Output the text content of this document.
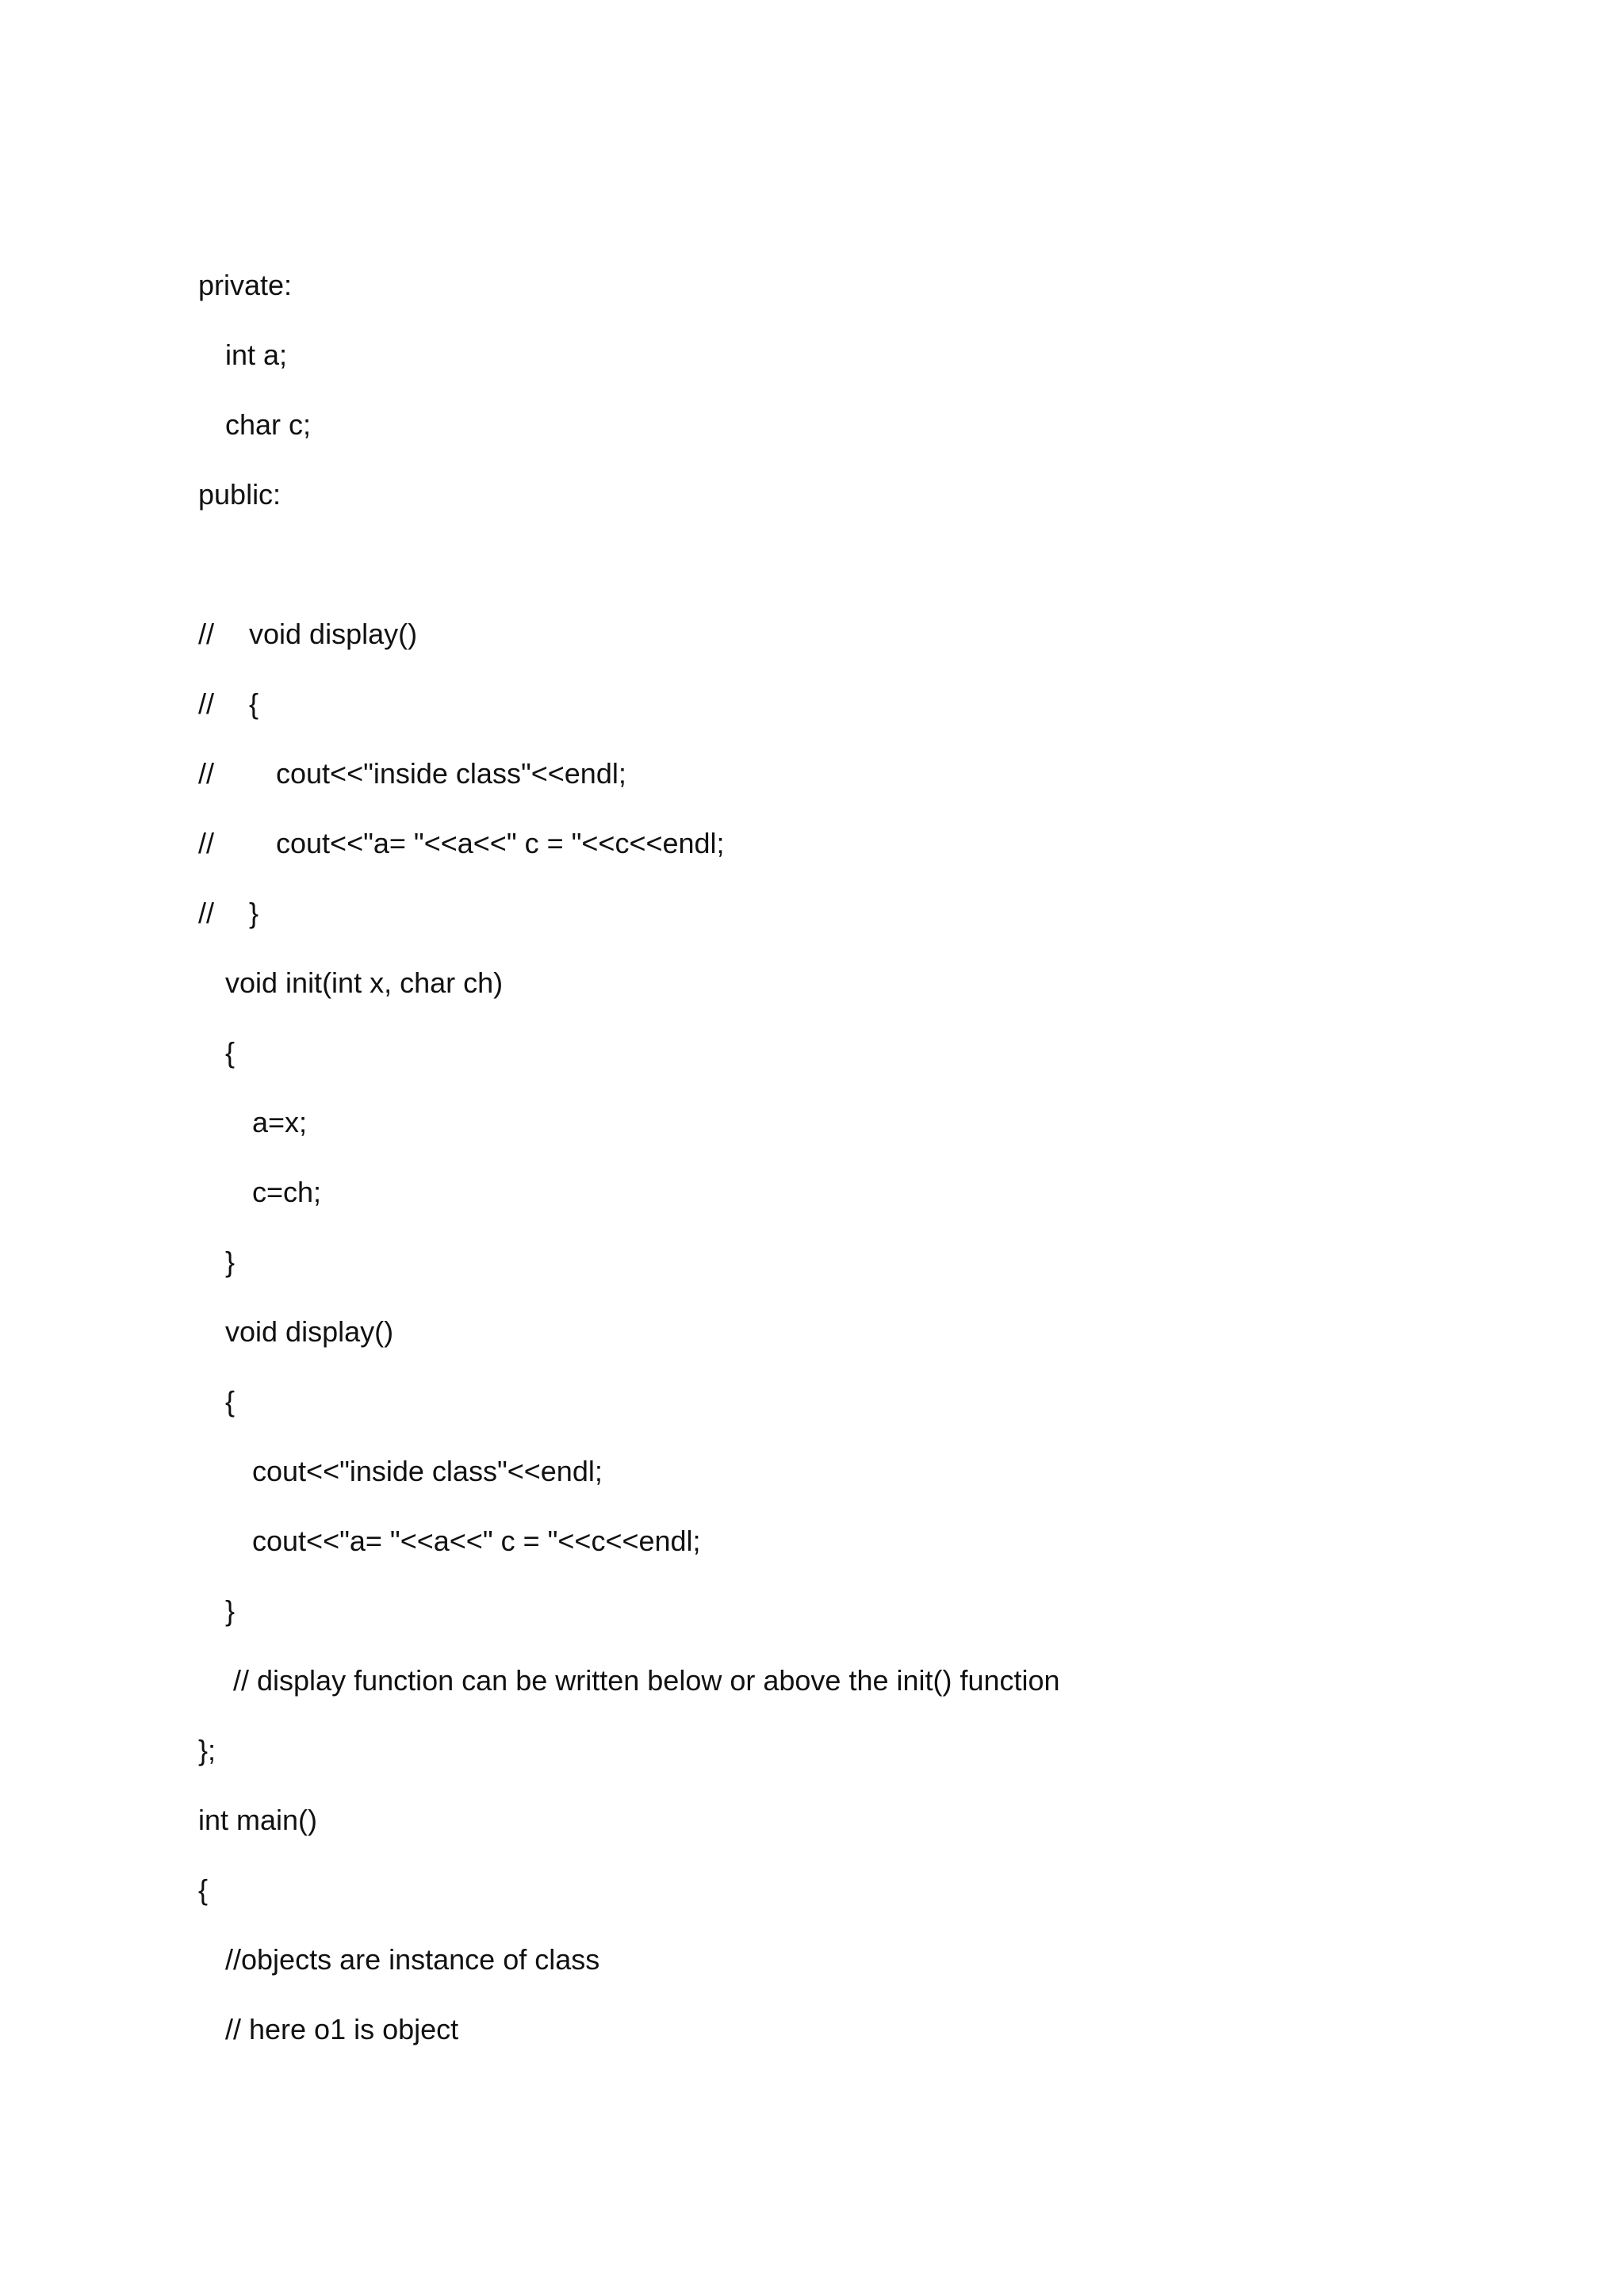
private:

int a;

char c;

public:

//

void display()

//

{

//

cout<<"inside class"<<endl;

//

cout<<"a= "<<a<<" c = "<<c<<endl;

//

}

void init(int x, char ch)

{

a=x;

c=ch;

}

void display()

{

cout<<"inside class"<<endl;

cout<<"a= "<<a<<" c = "<<c<<endl;

}

// display function can be written below or above the init() function

};

int main()

{

//objects are instance of class

// here o1 is object
